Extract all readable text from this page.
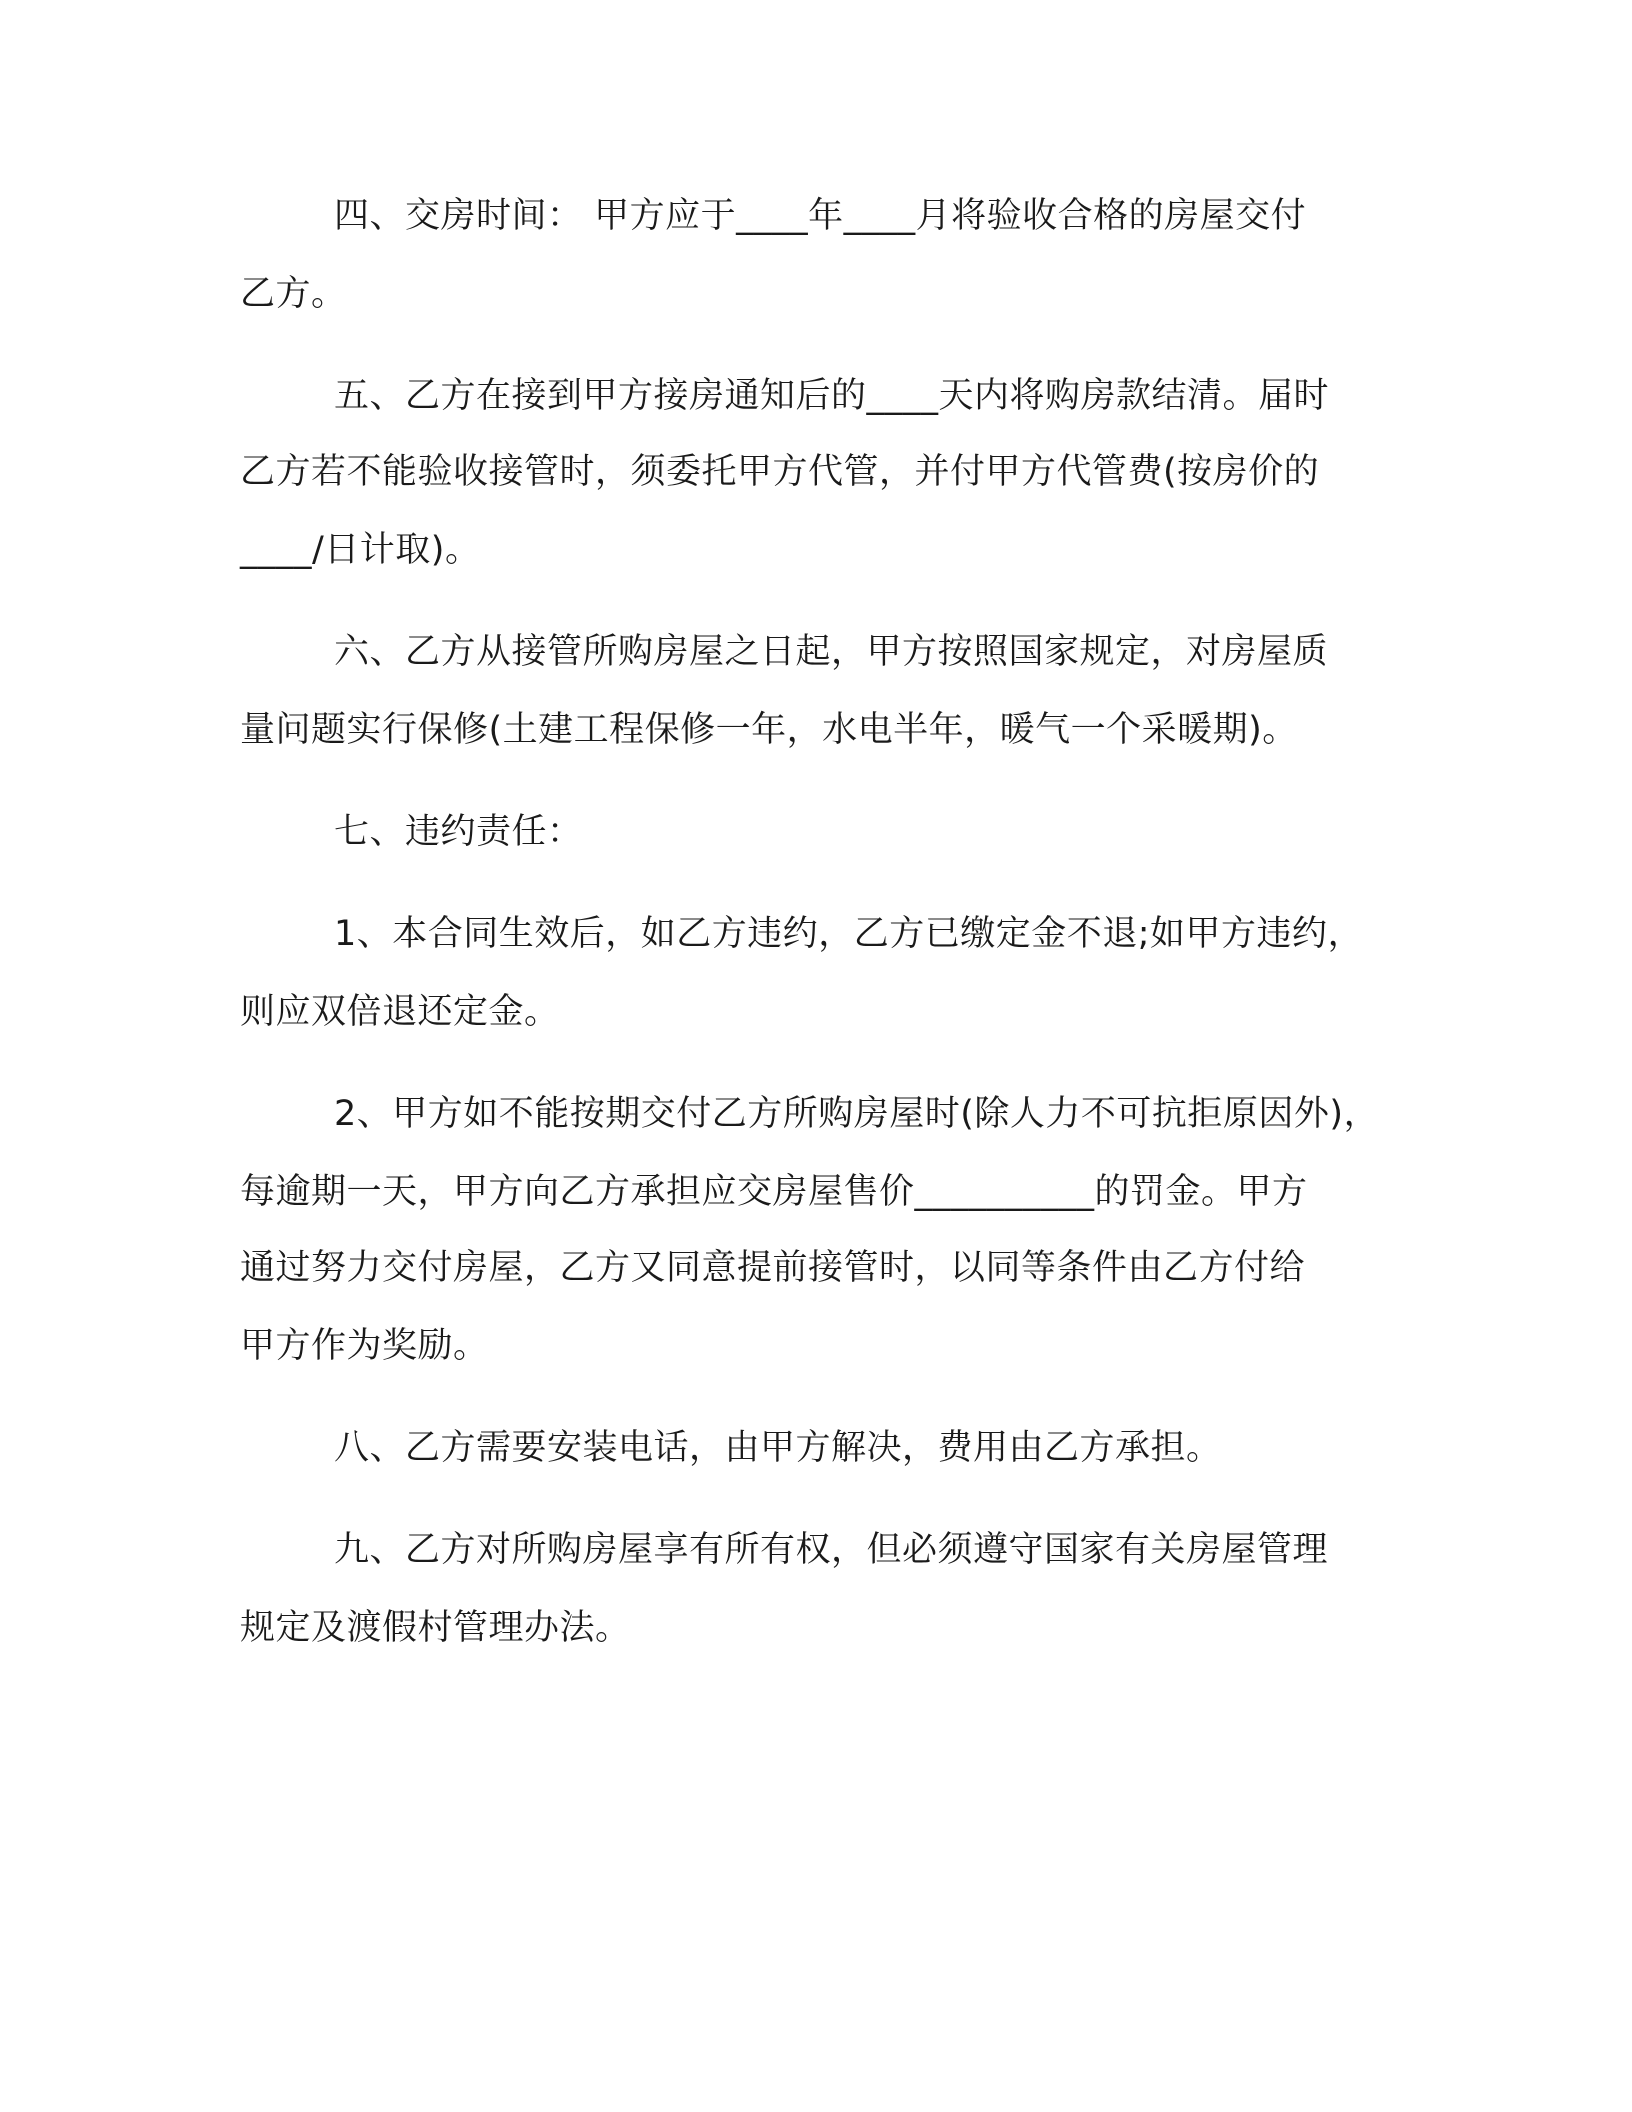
四、交房时间： 甲方应于____年____月将验收合格的房屋交付

乙方。

五、乙方在接到甲方接房通知后的____天内将购房款结清。届时

乙方若不能验收接管时，须委托甲方代管，并付甲方代管费(按房价的

____/日计取)。

六、乙方从接管所购房屋之日起，甲方按照国家规定，对房屋质

量问题实行保修(土建工程保修一年，水电半年，暖气一个采暖期)。

七、违约责任：

1、本合同生效后，如乙方违约，乙方已缴定金不退;如甲方违约，

则应双倍退还定金。

2、甲方如不能按期交付乙方所购房屋时(除人力不可抗拒原因外)，

每逾期一天，甲方向乙方承担应交房屋售价__________的罚金。甲方

通过努力交付房屋，乙方又同意提前接管时，以同等条件由乙方付给

甲方作为奖励。

八、乙方需要安装电话，由甲方解决，费用由乙方承担。

九、乙方对所购房屋享有所有权，但必须遵守国家有关房屋管理

规定及渡假村管理办法。
